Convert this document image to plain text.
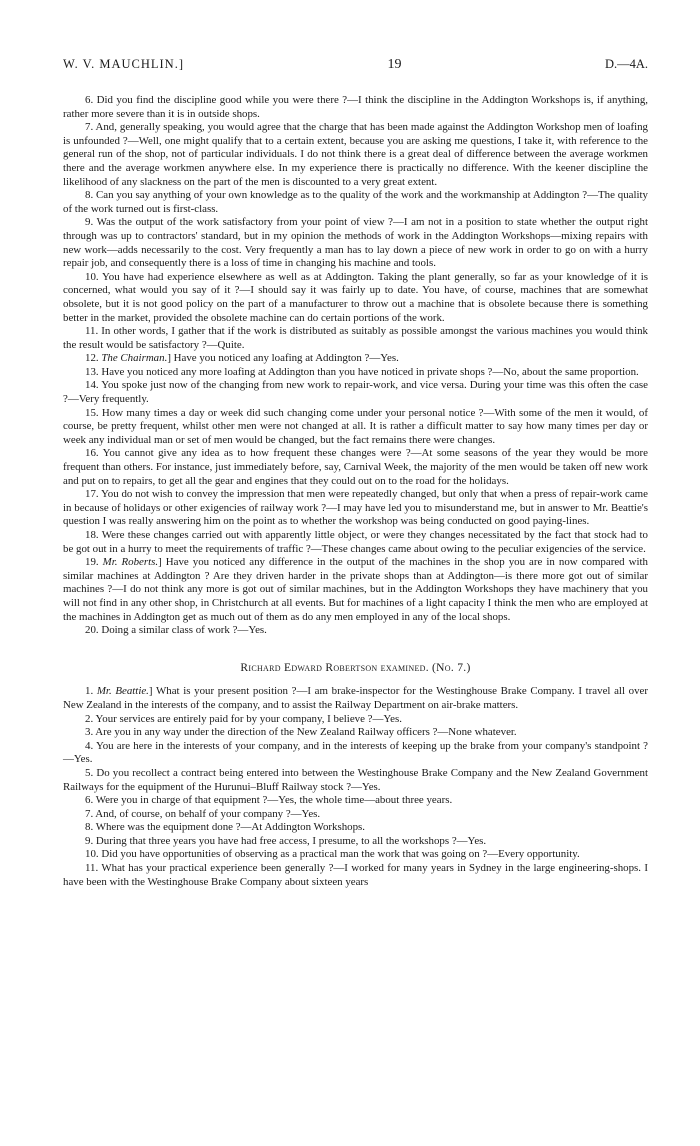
W. V. MAUCHLIN.]	19	D.—4A.

6. Did you find the discipline good while you were there ?—I think the discipline in the Addington Workshops is, if anything, rather more severe than it is in outside shops.

7. And, generally speaking, you would agree that the charge that has been made against the Addington Workshop men of loafing is unfounded ?—Well, one might qualify that to a certain extent, because you are asking me questions, I take it, with reference to the general run of the shop, not of particular individuals. I do not think there is a great deal of difference between the average workmen there and the average workmen anywhere else. In my experience there is practically no difference. With the keener discipline the likelihood of any slackness on the part of the men is discounted to a very great extent.

8. Can you say anything of your own knowledge as to the quality of the work and the workmanship at Addington ?—The quality of the work turned out is first-class.

9. Was the output of the work satisfactory from your point of view ?—I am not in a position to state whether the output right through was up to contractors' standard, but in my opinion the methods of work in the Addington Workshops—mixing repairs with new work—adds necessarily to the cost. Very frequently a man has to lay down a piece of new work in order to go on with a hurry repair job, and consequently there is a loss of time in changing his machine and tools.

10. You have had experience elsewhere as well as at Addington. Taking the plant generally, so far as your knowledge of it is concerned, what would you say of it ?—I should say it was fairly up to date. You have, of course, machines that are somewhat obsolete, but it is not good policy on the part of a manufacturer to throw out a machine that is obsolete because there is something better in the market, provided the obsolete machine can do certain portions of the work.

11. In other words, I gather that if the work is distributed as suitably as possible amongst the various machines you would think the result would be satisfactory ?—Quite.

12. The Chairman.] Have you noticed any loafing at Addington ?—Yes.

13. Have you noticed any more loafing at Addington than you have noticed in private shops ?—No, about the same proportion.

14. You spoke just now of the changing from new work to repair-work, and vice versa. During your time was this often the case ?—Very frequently.

15. How many times a day or week did such changing come under your personal notice ?—With some of the men it would, of course, be pretty frequent, whilst other men were not changed at all. It is rather a difficult matter to say how many times per day or week any individual man or set of men would be changed, but the fact remains there were changes.

16. You cannot give any idea as to how frequent these changes were ?—At some seasons of the year they would be more frequent than others. For instance, just immediately before, say, Carnival Week, the majority of the men would be taken off new work and put on to repairs, to get all the gear and engines that they could out on to the road for the holidays.

17. You do not wish to convey the impression that men were repeatedly changed, but only that when a press of repair-work came in because of holidays or other exigencies of railway work ?—I may have led you to misunderstand me, but in answer to Mr. Beattie's question I was really answering him on the point as to whether the workshop was being conducted on good paying-lines.

18. Were these changes carried out with apparently little object, or were they changes necessitated by the fact that stock had to be got out in a hurry to meet the requirements of traffic ?—These changes came about owing to the peculiar exigencies of the service.

19. Mr. Roberts.] Have you noticed any difference in the output of the machines in the shop you are in now compared with similar machines at Addington ? Are they driven harder in the private shops than at Addington—is there more got out of similar machines ?—I do not think any more is got out of similar machines, but in the Addington Workshops they have machinery that you will not find in any other shop, in Christchurch at all events. But for machines of a light capacity I think the men who are employed at the machines in Addington get as much out of them as do any men employed in any of the local shops.

20. Doing a similar class of work ?—Yes.

Richard Edward Robertson examined. (No. 7.)

1. Mr. Beattie.] What is your present position ?—I am brake-inspector for the Westinghouse Brake Company. I travel all over New Zealand in the interests of the company, and to assist the Railway Department on air-brake matters.

2. Your services are entirely paid for by your company, I believe ?—Yes.

3. Are you in any way under the direction of the New Zealand Railway officers ?—None whatever.

4. You are here in the interests of your company, and in the interests of keeping up the brake from your company's standpoint ?—Yes.

5. Do you recollect a contract being entered into between the Westinghouse Brake Company and the New Zealand Government Railways for the equipment of the Hurunui–Bluff Railway stock ?—Yes.

6. Were you in charge of that equipment ?—Yes, the whole time—about three years.

7. And, of course, on behalf of your company ?—Yes.

8. Where was the equipment done ?—At Addington Workshops.

9. During that three years you have had free access, I presume, to all the workshops ?—Yes.

10. Did you have opportunities of observing as a practical man the work that was going on ?—Every opportunity.

11. What has your practical experience been generally ?—I worked for many years in Sydney in the large engineering-shops. I have been with the Westinghouse Brake Company about sixteen years
